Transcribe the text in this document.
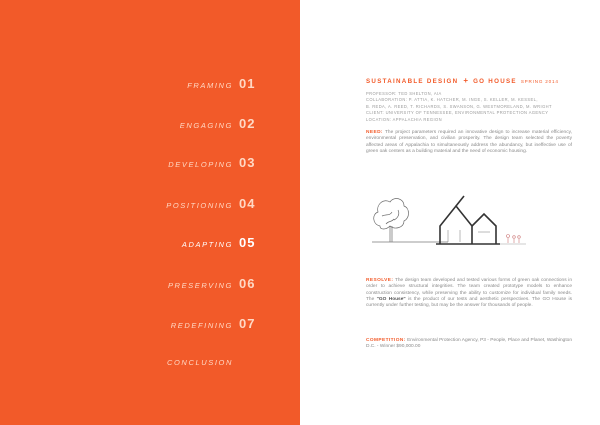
FRAMING 01
ENGAGING 02
DEVELOPING 03
POSITIONING 04
ADAPTING 05
PRESERVING 06
REDEFINING 07
CONCLUSION
SUSTAINABLE DESIGN + GO HOUSE SPRING 2014
PROFESSOR: TED SHELTON, AIA
COLLABORATION: P. ATTIA, K. HATCHER, M. INGE, S. KELLER, M. KESSEL,
B. REDA, A. REED, T. RICHARDS, S. SWANSON, G. WESTMORELAND, M. WRIGHT
CLIENT: UNIVERSITY OF TENNESSEE, ENVIRONMENTAL PROTECTION AGENCY
LOCATION: APPALACHIA REGION
NEED: The project parameters required an innovative design to increase material efficiency, environmental preservation, and civilian prosperity. The design team selected the poverty affected areas of Appalachia to simultaneously address the abundancy, but ineffective use of green oak centers as a building material and the need of economic housing.
RESOLVE: The design team developed and tested various forms of green oak connections in order to achieve structural integrities. The team created prototype models to enhance construction consistency, while preserving the ability to customize for individual family needs. The "GO House" is the product of our tests and aesthetic perspectives. The GO House is currently under further testing, but may be the answer for thousands of people.
COMPETITION: Environmental Protection Agency, P3 - People, Place and Planet, Washington D.C. - Winner $90,000.00
